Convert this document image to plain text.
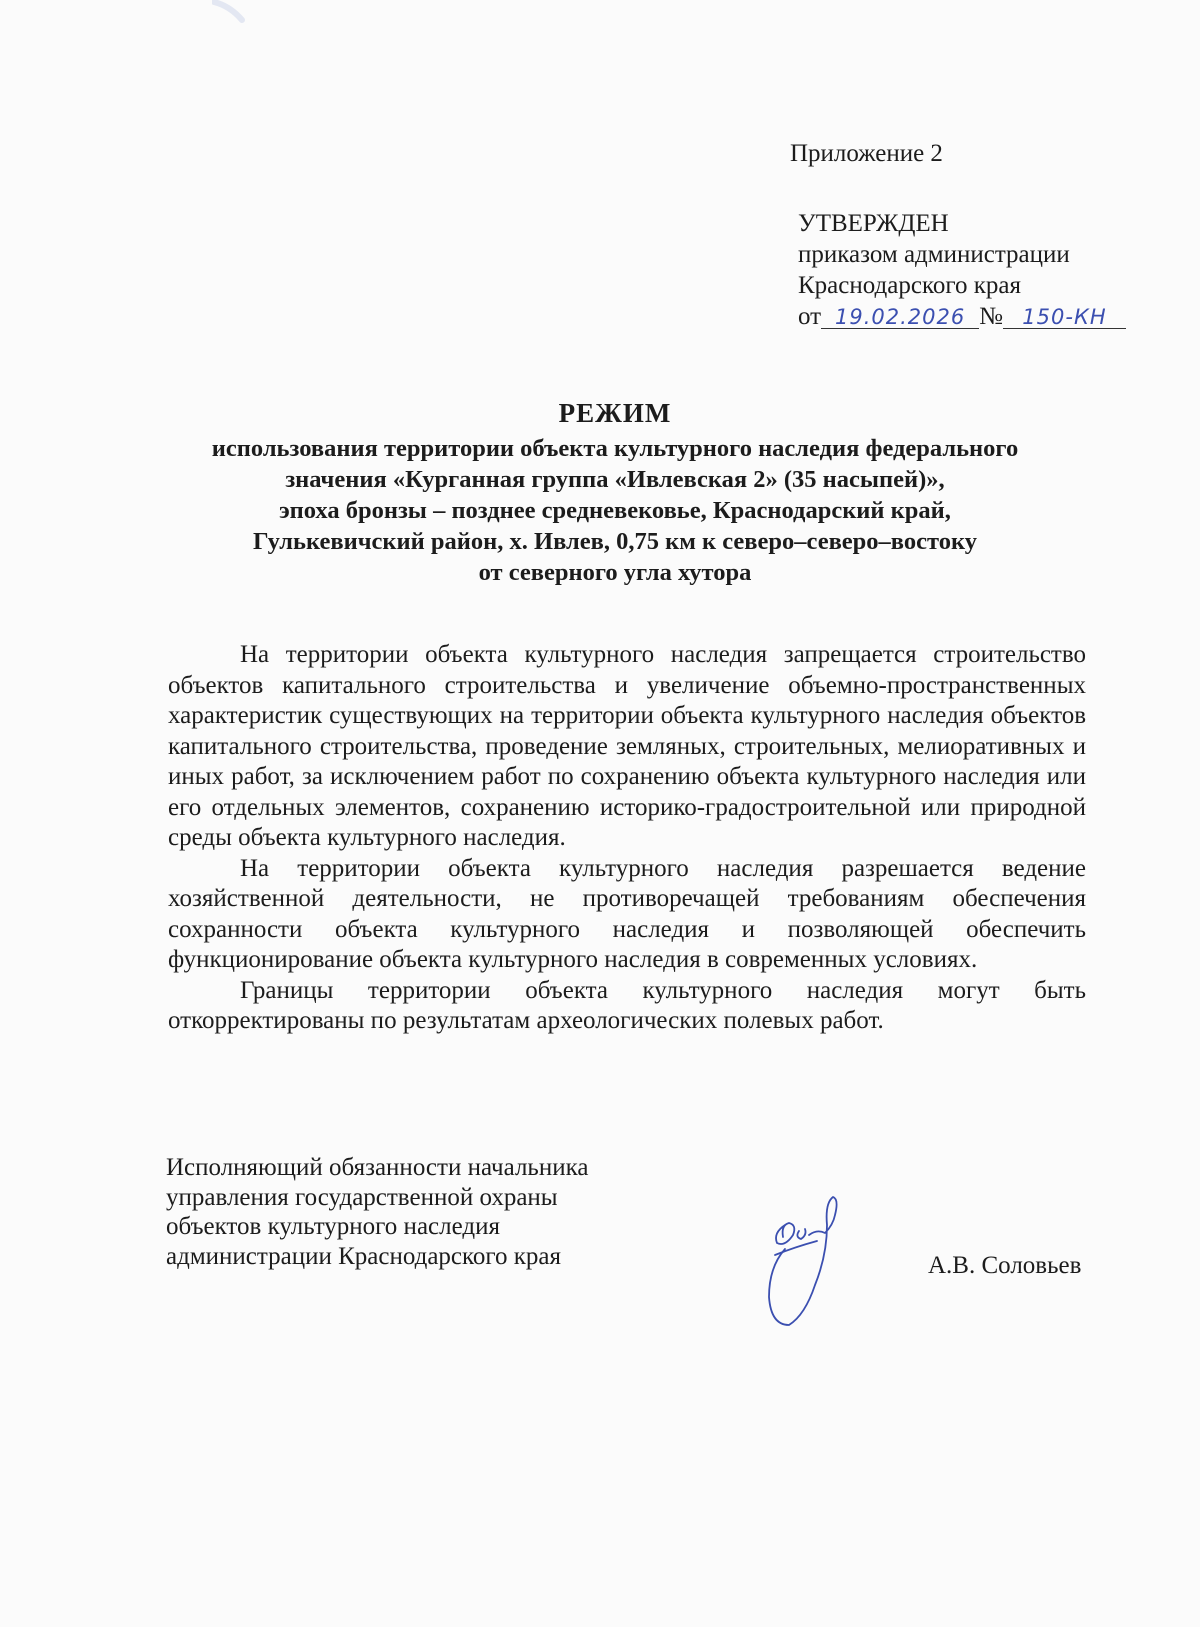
Приложение 2
УТВЕРЖДЕН
приказом администрации
Краснодарского края
от 19.02.2026 № 150-КН
РЕЖИМ
использования территории объекта культурного наследия федерального
значения «Курганная группа «Ивлевская 2» (35 насыпей)»,
эпоха бронзы – позднее средневековье, Краснодарский край,
Гулькевичский район, х. Ивлев, 0,75 км к северо–северо–востоку
от северного угла хутора

На территории объекта культурного наследия запрещается строительство объектов капитального строительства и увеличение объемно-пространственных характеристик существующих на территории объекта культурного наследия объектов капитального строительства, проведение земляных, строительных, мелиоративных и иных работ, за исключением работ по сохранению объекта культурного наследия или его отдельных элементов, сохранению историко-градостроительной или природной среды объекта культурного наследия.

На территории объекта культурного наследия разрешается ведение хозяйственной деятельности, не противоречащей требованиям обеспечения сохранности объекта культурного наследия и позволяющей обеспечить функционирование объекта культурного наследия в современных условиях.

Границы территории объекта культурного наследия могут быть откорректированы по результатам археологических полевых работ.

Исполняющий обязанности начальника
управления государственной охраны
объектов культурного наследия
администрации Краснодарского края	А.В. Соловьев
